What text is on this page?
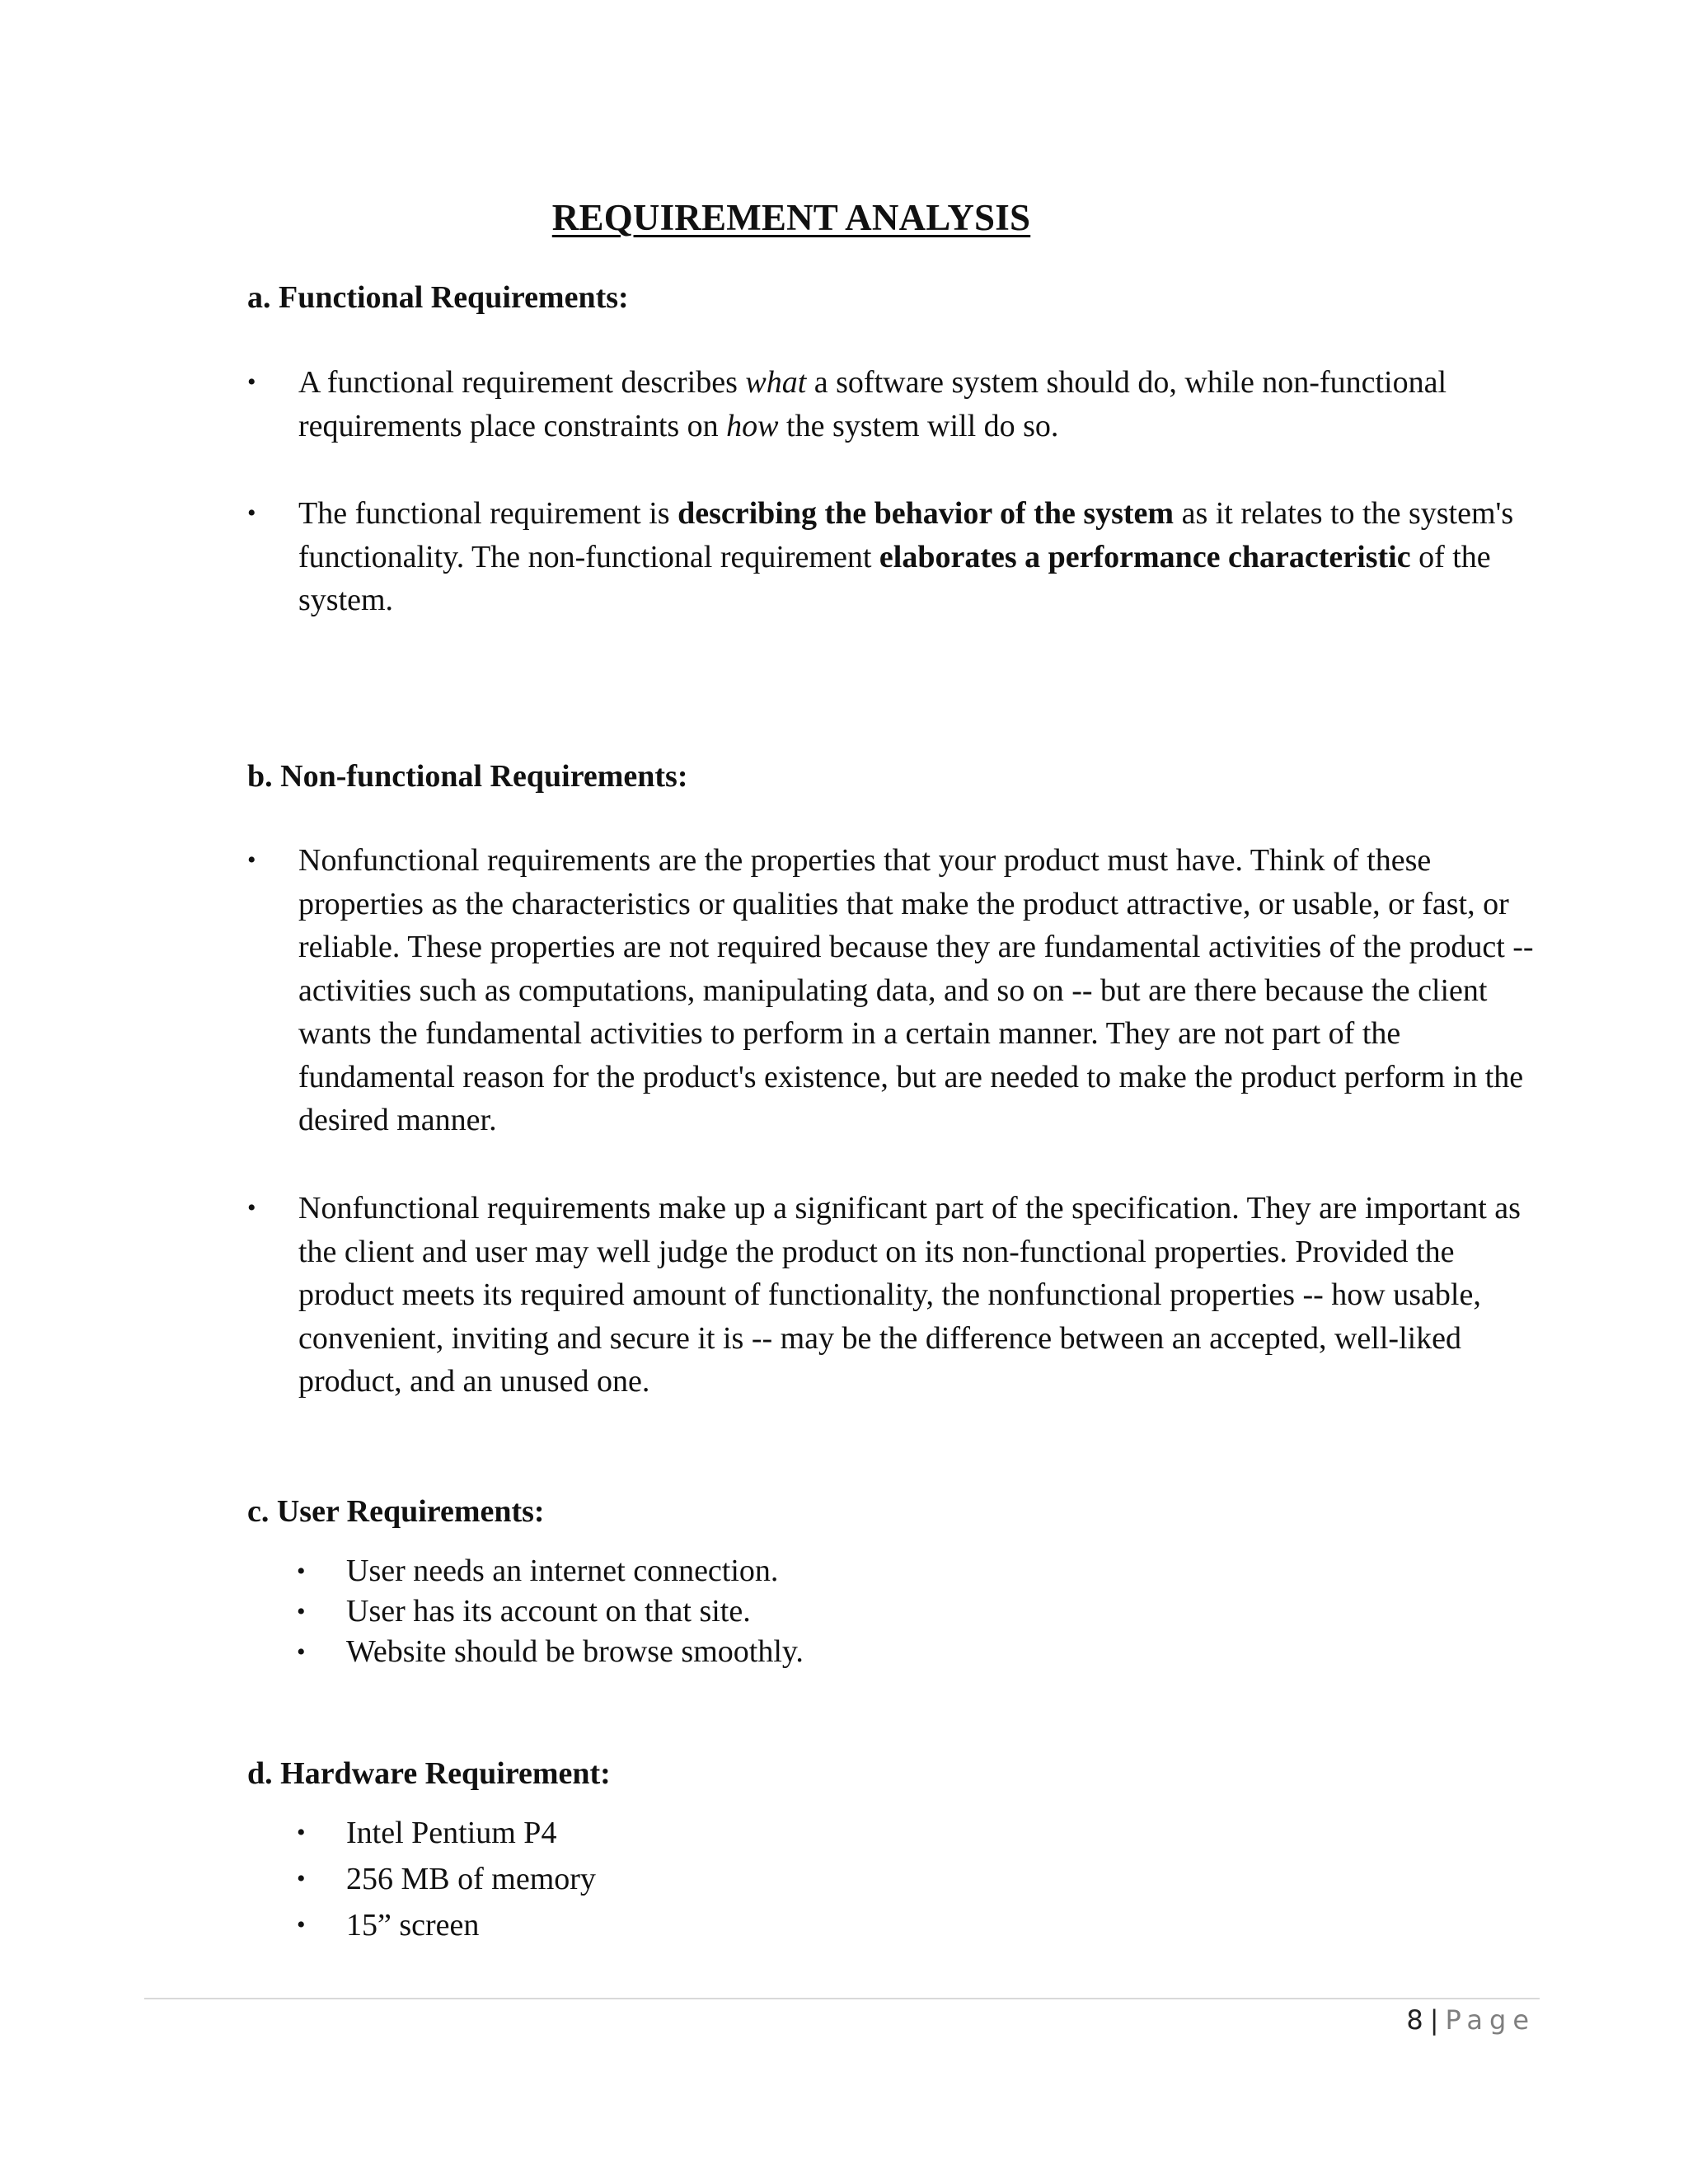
REQUIREMENT ANALYSIS
a. Functional Requirements:
•	A functional requirement describes what a software system should do, while non-functional requirements place constraints on how the system will do so.
•	The functional requirement is describing the behavior of the system as it relates to the system's functionality. The non-functional requirement elaborates a performance characteristic of the system.
b. Non-functional Requirements:
•	Nonfunctional requirements are the properties that your product must have. Think of these properties as the characteristics or qualities that make the product attractive, or usable, or fast, or reliable. These properties are not required because they are fundamental activities of the product -- activities such as computations, manipulating data, and so on -- but are there because the client wants the fundamental activities to perform in a certain manner. They are not part of the fundamental reason for the product's existence, but are needed to make the product perform in the desired manner.
•	Nonfunctional requirements make up a significant part of the specification. They are important as the client and user may well judge the product on its non-functional properties. Provided the product meets its required amount of functionality, the nonfunctional properties -- how usable, convenient, inviting and secure it is -- may be the difference between an accepted, well-liked product, and an unused one.
c. User Requirements:
• User needs an internet connection.
• User has its account on that site.
• Website should be browse smoothly.
d. Hardware Requirement:
• Intel Pentium P4
• 256 MB of memory
• 15” screen
8 | Page
